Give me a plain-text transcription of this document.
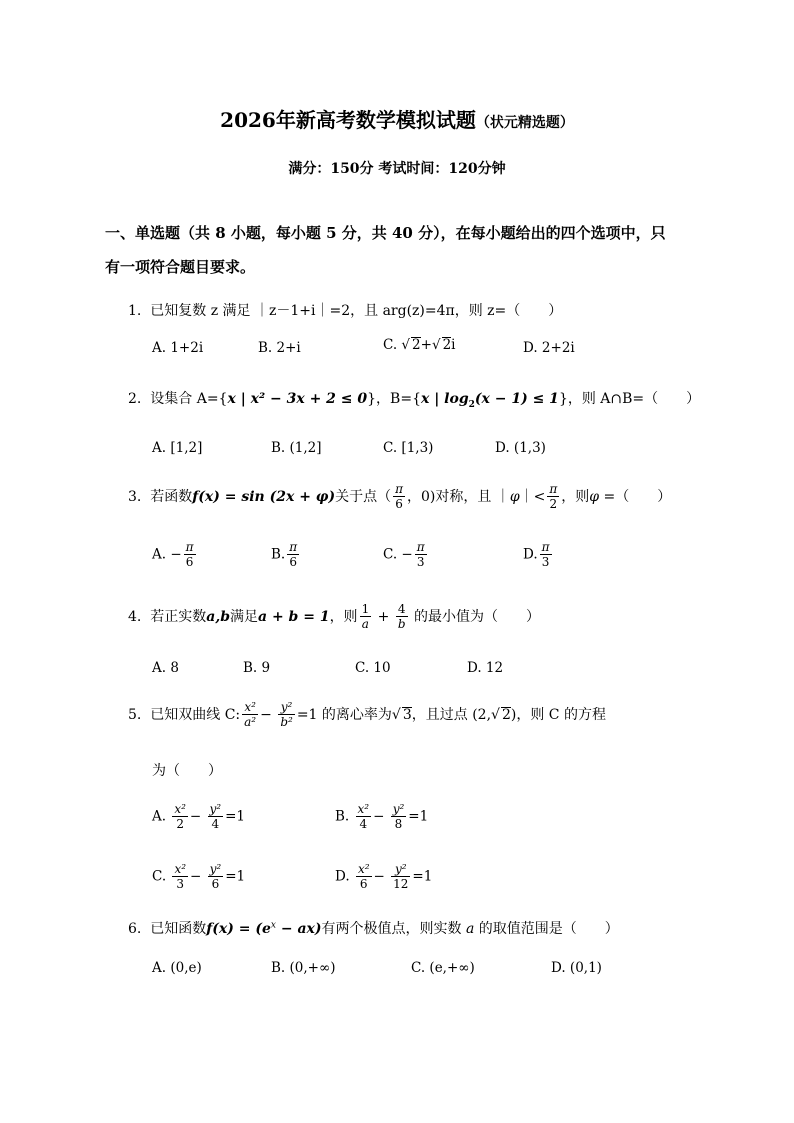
2026年新高考数学模拟试题（状元精选题）
满分：150分 考试时间：120分钟
一、单选题（共 8 小题，每小题 5 分，共 40 分），在每小题给出的四个选项中，只
有一项符合题目要求。
1. 已知复数 z 满足 ｜z－1+i｜=2，且 arg(z)=4π，则 z=（　　）
A. 1+2i	B. 2+i	C. √ 2+√ 2i	D. 2+2i
2. 设集合 A={x | x² − 3x + 2 ≤ 0}，B={x | $\log_2(x - 1) \le 1$}，则 A∩B=（　　）
A. [1,2]	B. (1,2]	C. [1,3)	D. (1,3)
3. 若函数f(x) = sin (2x + φ)关于点（ $\frac{\pi}{6}$ ，0)对称，且 ｜φ｜< $\frac{\pi}{2}$ ，则φ =（　　）
A. − $\frac{\pi}{6}$	B. $\frac{\pi}{6}$	C. − $\frac{\pi}{3}$	D. $\frac{\pi}{3}$
4. 若正实数a,b满足a + b = 1，则 $\frac{1}{a} + \frac{4}{b}$ 的最小值为（　　）
A. 8	B. 9	C. 10	D. 12
5. 已知双曲线 C: $\frac{\text{x²}}{\text{a²}} - \frac{\text{y²}}{\text{b²}} =1$ 的离心率为√ 3，且过点 (2,√ 2)，则 C 的方程
为（　　）
A. $\frac{\text{x²}}{2} - \frac{\text{y²}}{4} =1$	B. $\frac{\text{x²}}{4} - \frac{\text{y²}}{8} =1$
C. $\frac{\text{x²}}{3} - \frac{\text{y²}}{6} =1$	D. $\frac{\text{x²}}{6} - \frac{\text{y²}}{12} =1$
6. 已知函数$f(x) = (e^x - ax)$有两个极值点，则实数 a 的取值范围是（　　）
A. (0,e)	B. (0,+∞)	C. (e,+∞)	D. (0,1)
